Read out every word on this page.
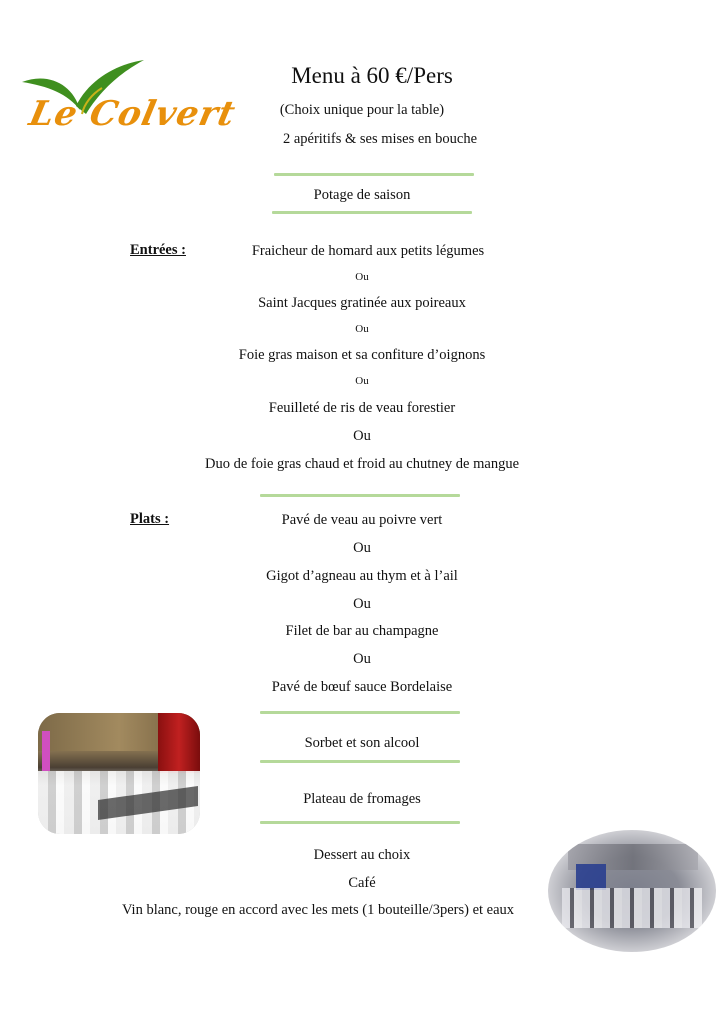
Le Colvert
Menu à 60 €/Pers
(Choix unique pour la table)
2 apéritifs & ses mises en bouche
Potage de saison
Entrées :	Fraicheur de homard aux petits légumes
Ou
Saint Jacques gratinée aux poireaux
Ou
Foie gras maison et sa confiture d’oignons
Ou
Feuilleté de ris de veau forestier
Ou
Duo de foie gras chaud et froid au chutney de mangue
Plats :	Pavé de veau au poivre vert
Ou
Gigot d’agneau au thym et à l’ail
Ou
Filet de bar au champagne
Ou
Pavé de bœuf sauce Bordelaise
Sorbet et son alcool
Plateau de fromages
Dessert au choix
Café
Vin blanc, rouge en accord avec les mets (1 bouteille/3pers) et eaux
